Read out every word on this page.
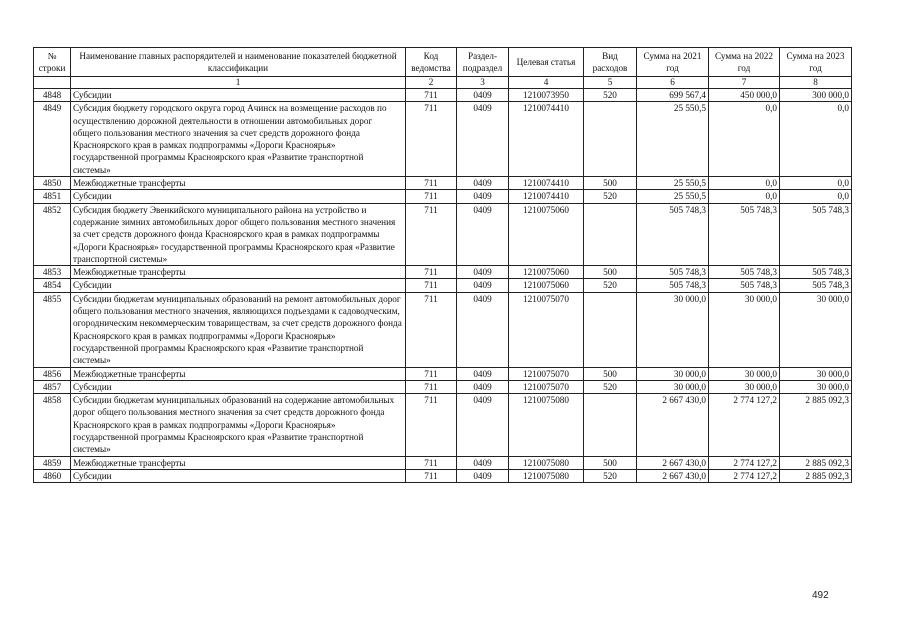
№ строки	Наименование главных распорядителей и наименование показателей бюджетной классификации	Код ведомства	Раздел-подраздел	Целевая статья	Вид расходов	Сумма на 2021 год	Сумма на 2022 год	Сумма на 2023 год
	1	2	3	4	5	6	7	8
4848	Субсидии	711	0409	1210073950	520	699 567,4	450 000,0	300 000,0
4849	Субсидия бюджету городского округа город Ачинск на возмещение расходов по осуществлению дорожной деятельности в отношении автомобильных дорог общего пользования местного значения за счет средств дорожного фонда Красноярского края в рамках подпрограммы «Дороги Красноярья» государственной программы Красноярского края «Развитие транспортной системы»	711	0409	1210074410		25 550,5	0,0	0,0
4850	Межбюджетные трансферты	711	0409	1210074410	500	25 550,5	0,0	0,0
4851	Субсидии	711	0409	1210074410	520	25 550,5	0,0	0,0
4852	Субсидия бюджету Эвенкийского муниципального района на устройство и содержание зимних автомобильных дорог общего пользования местного значения за счет средств дорожного фонда Красноярского края в рамках подпрограммы «Дороги Красноярья» государственной программы Красноярского края «Развитие транспортной системы»	711	0409	1210075060		505 748,3	505 748,3	505 748,3
4853	Межбюджетные трансферты	711	0409	1210075060	500	505 748,3	505 748,3	505 748,3
4854	Субсидии	711	0409	1210075060	520	505 748,3	505 748,3	505 748,3
4855	Субсидии бюджетам муниципальных образований на ремонт автомобильных дорог общего пользования местного значения, являющихся подъездами к садоводческим, огородническим некоммерческим товариществам, за счет средств дорожного фонда Красноярского края в рамках подпрограммы «Дороги Красноярья» государственной программы Красноярского края «Развитие транспортной системы»	711	0409	1210075070		30 000,0	30 000,0	30 000,0
4856	Межбюджетные трансферты	711	0409	1210075070	500	30 000,0	30 000,0	30 000,0
4857	Субсидии	711	0409	1210075070	520	30 000,0	30 000,0	30 000,0
4858	Субсидии бюджетам муниципальных образований на содержание автомобильных дорог общего пользования местного значения за счет средств дорожного фонда Красноярского края в рамках подпрограммы «Дороги Красноярья» государственной программы Красноярского края «Развитие транспортной системы»	711	0409	1210075080		2 667 430,0	2 774 127,2	2 885 092,3
4859	Межбюджетные трансферты	711	0409	1210075080	500	2 667 430,0	2 774 127,2	2 885 092,3
4860	Субсидии	711	0409	1210075080	520	2 667 430,0	2 774 127,2	2 885 092,3
492
